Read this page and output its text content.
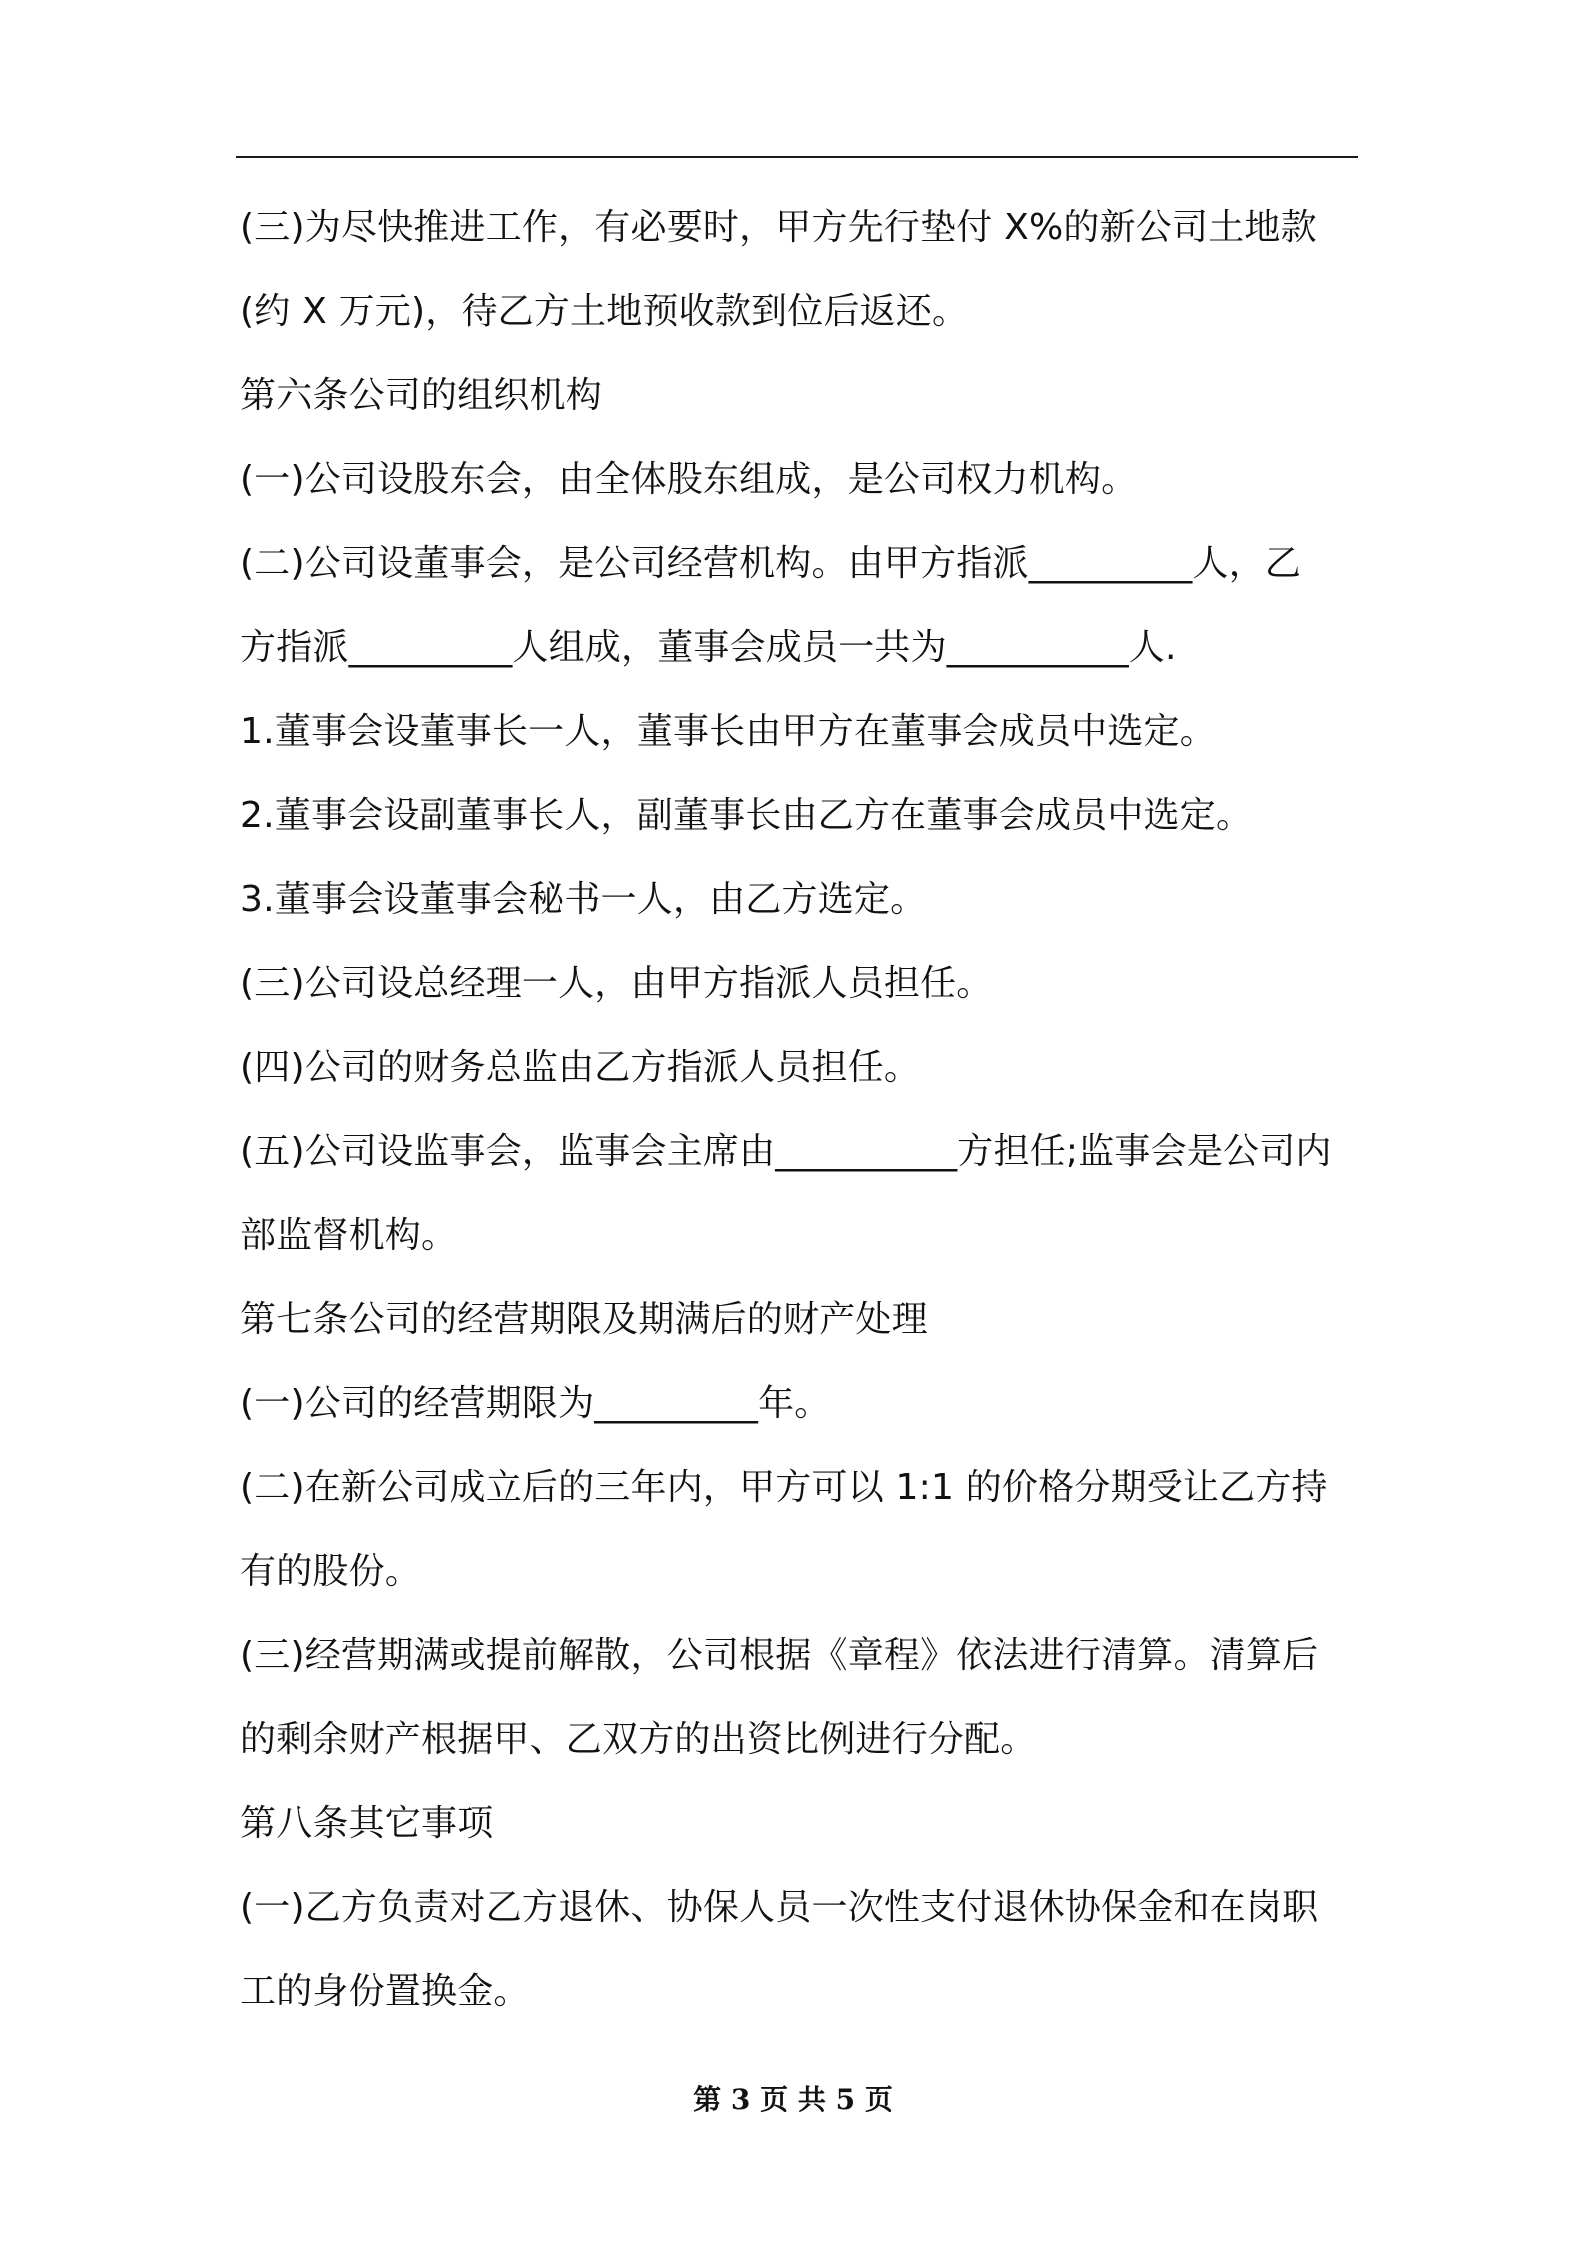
(三)为尽快推进工作，有必要时，甲方先行垫付 X%的新公司土地款
(约 X 万元)，待乙方土地预收款到位后返还。
第六条公司的组织机构
(一)公司设股东会，由全体股东组成，是公司权力机构。
(二)公司设董事会，是公司经营机构。由甲方指派_________人，乙
方指派_________人组成，董事会成员一共为__________人.
1.董事会设董事长一人，董事长由甲方在董事会成员中选定。
2.董事会设副董事长人，副董事长由乙方在董事会成员中选定。
3.董事会设董事会秘书一人，由乙方选定。
(三)公司设总经理一人，由甲方指派人员担任。
(四)公司的财务总监由乙方指派人员担任。
(五)公司设监事会，监事会主席由__________方担任;监事会是公司内
部监督机构。
第七条公司的经营期限及期满后的财产处理
(一)公司的经营期限为_________年。
(二)在新公司成立后的三年内，甲方可以 1:1 的价格分期受让乙方持
有的股份。
(三)经营期满或提前解散，公司根据《章程》依法进行清算。清算后
的剩余财产根据甲、乙双方的出资比例进行分配。
第八条其它事项
(一)乙方负责对乙方退休、协保人员一次性支付退休协保金和在岗职
工的身份置换金。
第 3 页 共 5 页
